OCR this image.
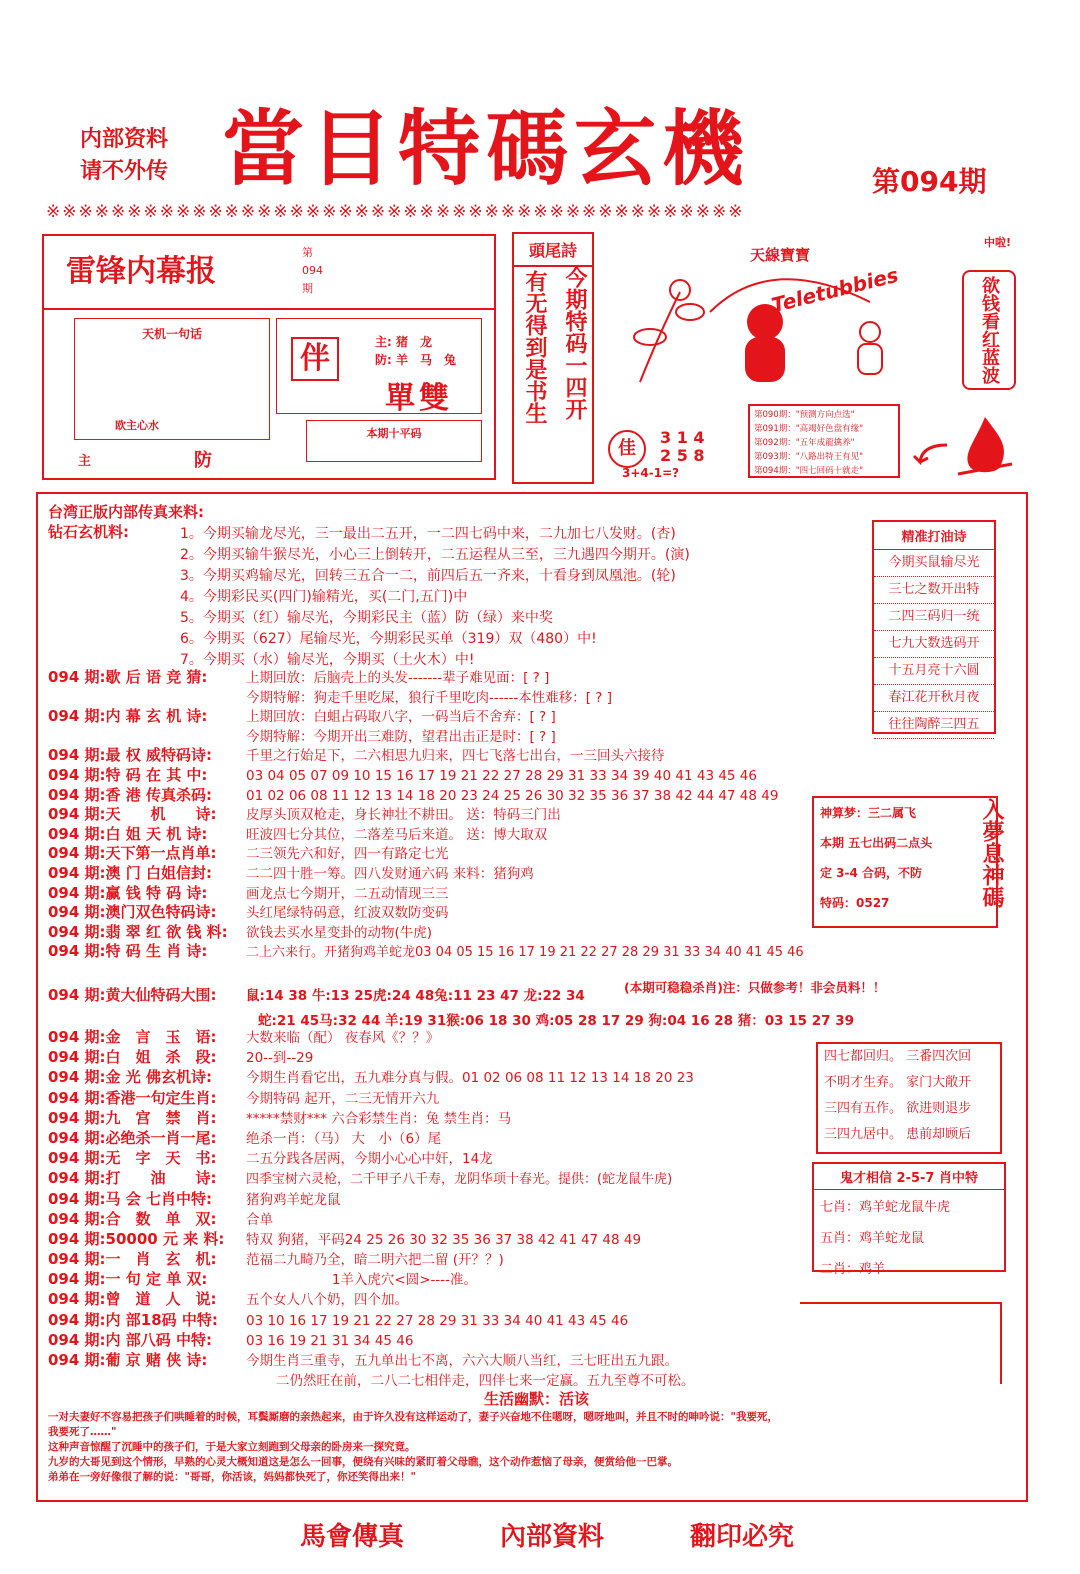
内部资料
请不外传 當目特碼玄機	第094期
※※※※※※※※※※※※※※※※※※※※※※※※※※※※※※※※※※※※※※※※※※※
雷锋内幕报
第
094
期
天机一句话
欧主心水
主	防
伴	主: 猪　龙
防: 羊　马　兔
單雙
本期十平码
頭尾詩
今期特码一四开
有无得到是书生
天線寶寶
Teletubbies
佳
3 1 4
2 5 8
3+4-1=?
第090期："预测方向点选"
第091期："高竭好色盘有缘"
第092期："五年成龍擒养"
第093期："八路出特王有见"
第094期："四七回码十就走"
中啦!
欲钱看红蓝波
台湾正版内部传真来料:
钻石玄机料:	1。今期买输龙尽光，三一最出二五开，一二四七码中来，二九加七八发财。(杏)
2。今期买输牛猴尽光，小心三上倒转开，二五运程从三至，三九遇四今期开。(演)
3。今期买鸡输尽光，回转三五合一二，前四后五一齐来，十看身到凤凰池。(轮)
4。今期彩民买(四门)输精光，买(二门,五门)中
5。今期买（红）输尽光，今期彩民主（蓝）防（绿）来中奖
6。今期买（627）尾输尽光，今期彩民买单（319）双（480）中!
7。今期买（水）输尽光，今期买（土火木）中!
094 期:歇 后 语 竞 猜:	上期回放：后脑壳上的头发-------辈子难见面：[ ? ]
今期特解：狗走千里吃屎，狼行千里吃肉------本性难移：[ ? ]
094 期:内 幕 玄 机 诗:	上期回放：白蛆占码取八字，一码当后不舍弃：[ ? ]
今期特解：今期开出三难防，望君出击正是时：[ ? ]
094 期:最 权 威特码诗:	千里之行始足下，二六相思九归来，四七飞落七出台，一三回头六接待
094 期:特 码 在 其 中:	03 04 05 07 09 10 15 16 17 19 21 22 27 28 29 31 33 34 39 40 41 43 45 46
094 期:香 港 传真杀码:	01 02 06 08 11 12 13 14 18 20 23 24 25 26 30 32 35 36 37 38 42 44 47 48 49
094 期:天　　机　　诗: 皮厚头顶双枪走，身长神壮不耕田。 送：特码三门出
094 期:白 姐 天 机 诗:	旺波四七分其位，二落差马后来道。 送：博大取双
094 期:天下第一点肖单: 二三领先六和好，四一有路定七光
094 期:澳 门 白姐信封:	二二四十胜一筹。四八发财通六码 来料：猪狗鸡
094 期:赢 钱 特 码 诗:	画龙点七今期开，二五动情现三三
094 期:澳门双色特码诗: 头红尾绿特码意，红波双数防变码
094 期:翡 翠 红 欲 钱 料: 欲钱去买水星变卦的动物(牛虎)
094 期:特 码 生 肖 诗:	二上六来行。开猪狗鸡羊蛇龙03 04 05 15 16 17 19 21 22 27 28 29 31 33 34 40 41 45 46
094 期:黄大仙特码大围: 鼠:14 38 牛:13 25虎:24 48兔:11 23 47 龙:22 34
(本期可稳稳杀肖)注：只做参考！非会员料！！
蛇:21 45马:32 44 羊:19 31猴:06 18 30 鸡:05 28 17 29 狗:04 16 28 猪：03 15 27 39
094 期:金　言　玉　语: 大数来临（配） 夜春风《？？》
094 期:白　姐　杀　段: 20--到--29
094 期:金 光 佛玄机诗:	今期生肖看它出，五九难分真与假。01 02 06 08 11 12 13 14 18 20 23
094 期:香港一句定生肖: 今期特码 起开，二三无情开六九
094 期:九　宫　禁　肖: *****禁财*** 六合彩禁生肖：兔 禁生肖：马
094 期:必绝杀一肖一尾: 绝杀一肖：（马） 大　小（6）尾
094 期:无　字　天　书: 二五分践各居两，今期小心心中奸，14龙
094 期:打　　油　　诗: 四季宝树六灵枪，二千甲子八千寿，龙阴华项十春光。提供：(蛇龙鼠牛虎)
094 期:马 会 七肖中特:	猪狗鸡羊蛇龙鼠
094 期:合　数　单　双: 合单
094 期:50000 元 来 料: 特双 狗猪，平码24 25 26 30 32 35 36 37 38 42 41 47 48 49
094 期:一　肖　玄　机: 范福二九畸乃全，暗二明六把二留 (开？？)
094 期:一 句 定 单 双:	1羊入虎穴<圆>----准。
094 期:曾　道　人　说: 五个女人八个奶，四个加。
094 期:内 部18码 中特: 03 10 16 17 19 21 22 27 28 29 31 33 34 40 41 43 45 46
094 期:内 部八码 中特:	03 16 19 21 31 34 45 46
094 期:葡 京 赌 侠 诗:	今期生肖三重寺，五九单出七不离，六六大顺八当红，三七旺出五九跟。
二仍然旺在前，二八二七相伴走，四伴七来一定赢。五九至尊不可松。
生活幽默：活该
一对夫妻好不容易把孩子们哄睡着的时候，耳鬓厮磨的亲热起来，由于许久没有这样运动了，妻子兴奋地不住嗯呀，嗯呀地叫，并且不时的呻吟说："我要死，我要死了……"
这种声音惊醒了沉睡中的孩子们，于是大家立刻跑到父母亲的卧房来一探究竟。
九岁的大哥见到这个情形，早熟的心灵大概知道这是怎么一回事，便绕有兴味的紧盯着父母瞧，这个动作惹恼了母亲，便赏给他一巴掌。
弟弟在一旁好像很了解的说："哥哥，你活该，妈妈都快死了，你还笑得出来！"
精准打油诗
今期买鼠输尽光
三七之数开出特
二四三码归一统
七九大数选码开
十五月亮十六圆
春江花开秋月夜
往往陶醉三四五
神算梦：三二属飞
本期 五七出码二点头
定 3-4 合码，不防
特码：0527	入夢息神碼
四七都回归。 三番四次回
不明才生弃。 家门大敞开
三四有五作。 欲进则退步
三四九居中。 患前却顾后
鬼才相信 2-5-7 肖中特
七肖：鸡羊蛇龙鼠牛虎
五肖：鸡羊蛇龙鼠
二肖：鸡羊
馬會傳真	內部資料	翻印必究
